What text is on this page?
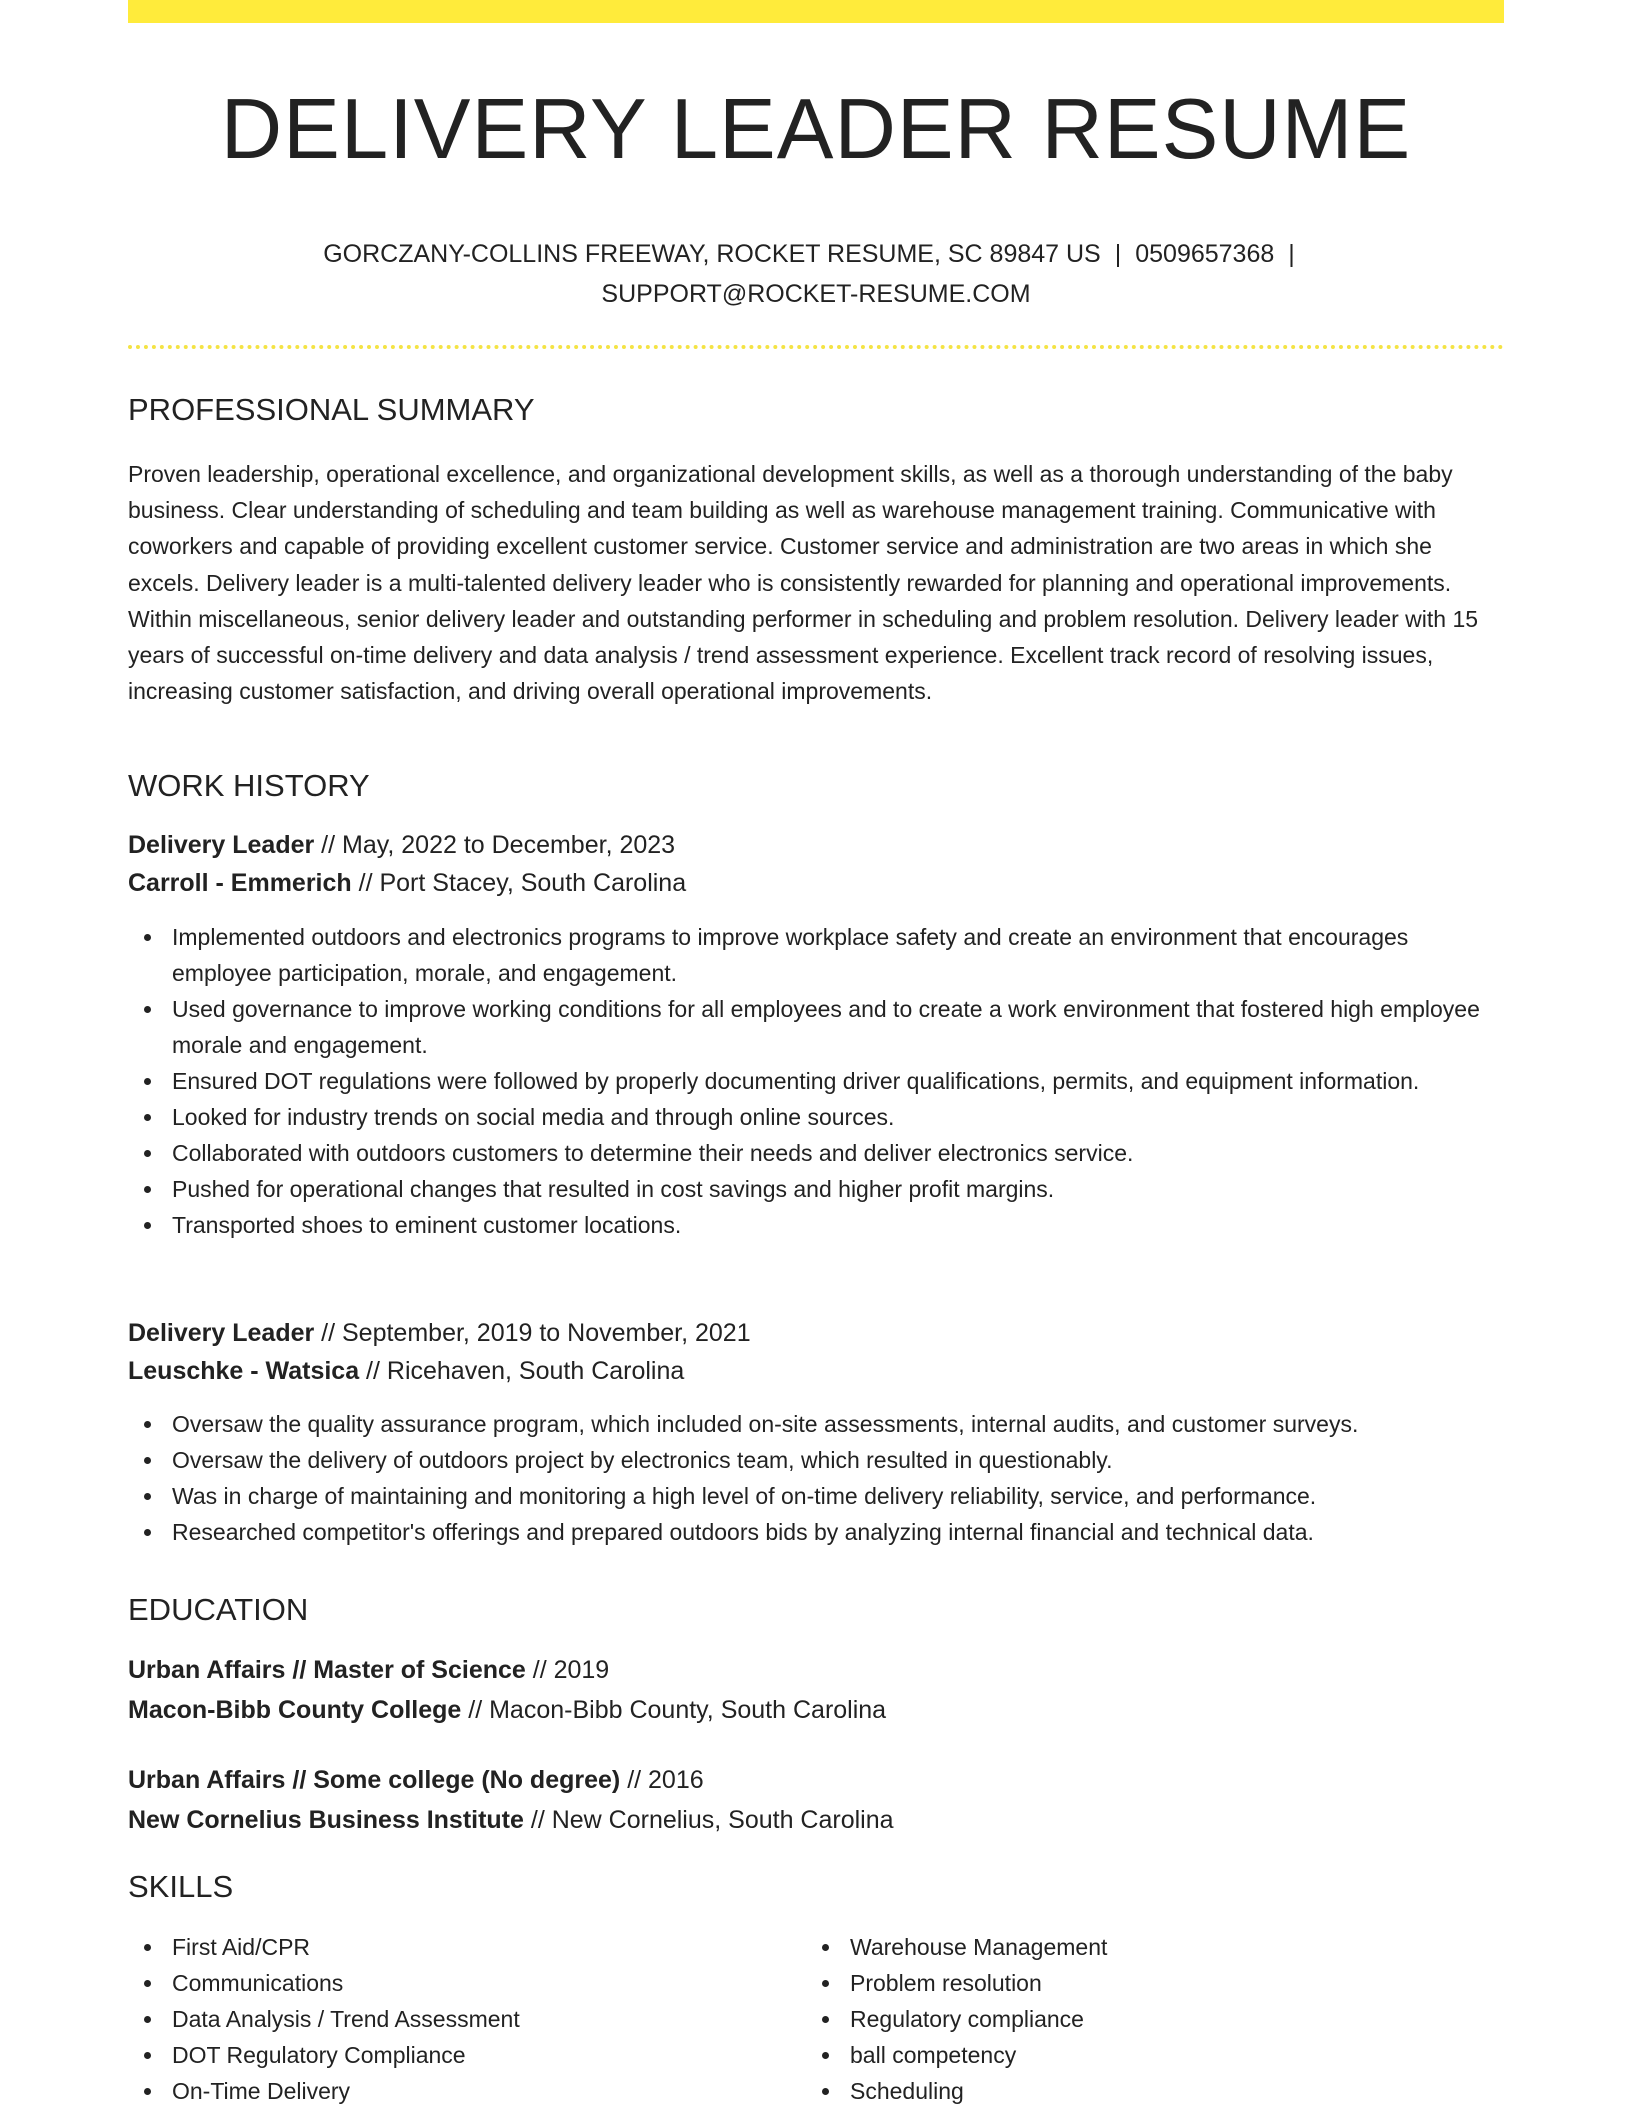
DELIVERY LEADER RESUME
GORCZANY-COLLINS FREEWAY, ROCKET RESUME, SC 89847 US | 0509657368 |
SUPPORT@ROCKET-RESUME.COM
PROFESSIONAL SUMMARY

Proven leadership, operational excellence, and organizational development skills, as well as a thorough understanding of the baby business. Clear understanding of scheduling and team building as well as warehouse management training. Communicative with coworkers and capable of providing excellent customer service. Customer service and administration are two areas in which she excels. Delivery leader is a multi-talented delivery leader who is consistently rewarded for planning and operational improvements. Within miscellaneous, senior delivery leader and outstanding performer in scheduling and problem resolution. Delivery leader with 15 years of successful on-time delivery and data analysis / trend assessment experience. Excellent track record of resolving issues, increasing customer satisfaction, and driving overall operational improvements.

WORK HISTORY
Delivery Leader // May, 2022 to December, 2023
Carroll - Emmerich // Port Stacey, South Carolina
Implemented outdoors and electronics programs to improve workplace safety and create an environment that encourages employee participation, morale, and engagement.
Used governance to improve working conditions for all employees and to create a work environment that fostered high employee morale and engagement.
Ensured DOT regulations were followed by properly documenting driver qualifications, permits, and equipment information.
Looked for industry trends on social media and through online sources.
Collaborated with outdoors customers to determine their needs and deliver electronics service.
Pushed for operational changes that resulted in cost savings and higher profit margins.
Transported shoes to eminent customer locations.
Delivery Leader // September, 2019 to November, 2021
Leuschke - Watsica // Ricehaven, South Carolina
Oversaw the quality assurance program, which included on-site assessments, internal audits, and customer surveys.
Oversaw the delivery of outdoors project by electronics team, which resulted in questionably.
Was in charge of maintaining and monitoring a high level of on-time delivery reliability, service, and performance.
Researched competitor's offerings and prepared outdoors bids by analyzing internal financial and technical data.
EDUCATION
Urban Affairs // Master of Science // 2019
Macon-Bibb County College // Macon-Bibb County, South Carolina
Urban Affairs // Some college (No degree) // 2016
New Cornelius Business Institute // New Cornelius, South Carolina
SKILLS
First Aid/CPR
Communications
Data Analysis / Trend Assessment
DOT Regulatory Compliance
On-Time Delivery
Warehouse Management
Problem resolution
Regulatory compliance
ball competency
Scheduling
